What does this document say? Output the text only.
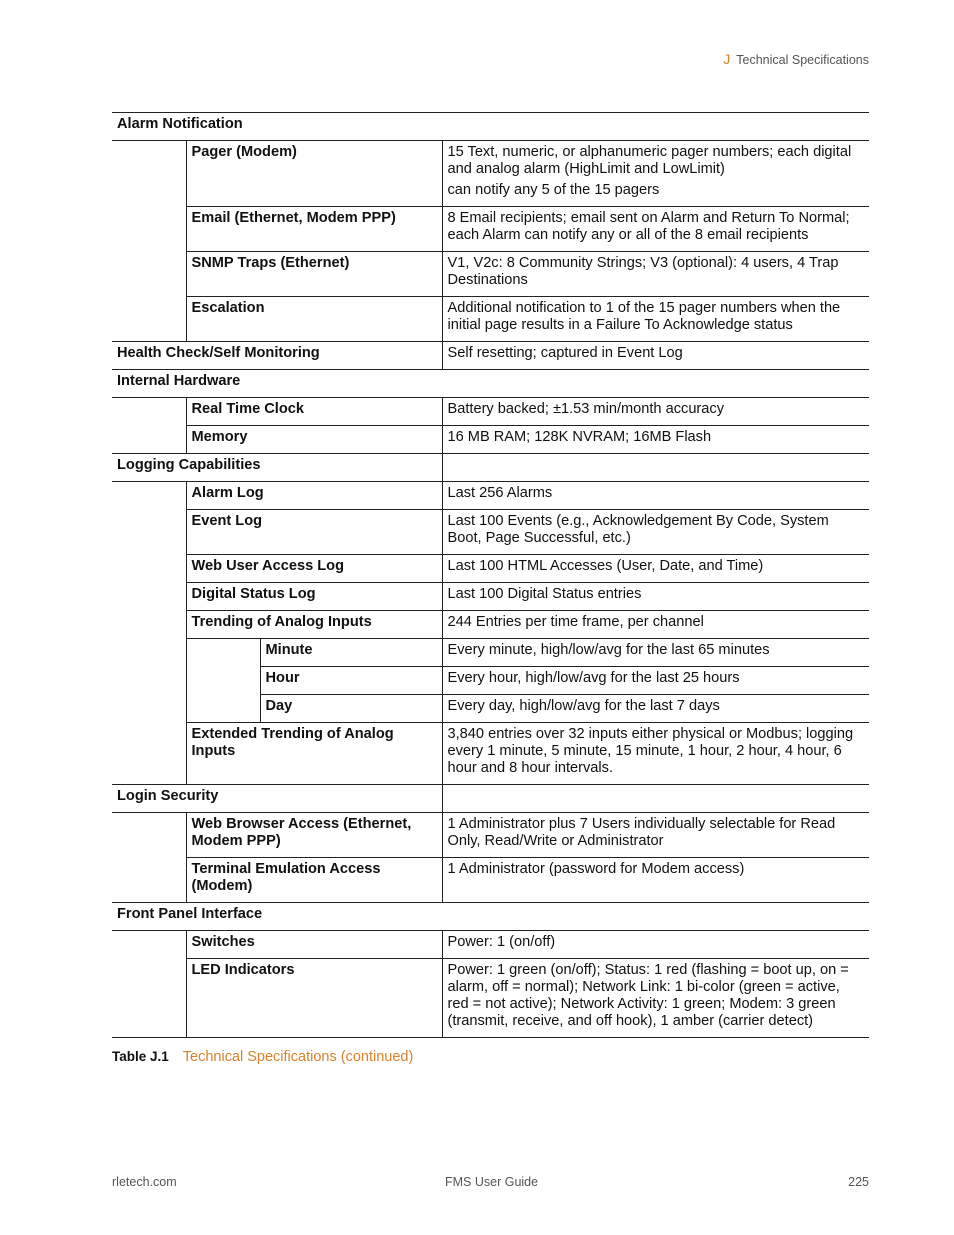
J Technical Specifications
Alarm Notification			
	Pager (Modem)		15 Text, numeric, or alphanumeric pager numbers; each digital and analog alarm (HighLimit and LowLimit)

can notify any 5 of the 15 pagers

	Email (Ethernet, Modem PPP)		8 Email recipients; email sent on Alarm and Return To Normal; each Alarm can notify any or all of the 8 email recipients
	SNMP Traps (Ethernet)		V1, V2c: 8 Community Strings; V3 (optional): 4 users, 4 Trap Destinations
	Escalation		Additional notification to 1 of the 15 pager numbers when the initial page results in a Failure To Acknowledge status
Health Check/Self Monitoring			Self resetting; captured in Event Log
Internal Hardware			
	Real Time Clock		Battery backed; ±1.53 min/month accuracy
	Memory		16 MB RAM; 128K NVRAM; 16MB Flash
Logging Capabilities			
	Alarm Log		Last 256 Alarms
	Event Log		Last 100 Events (e.g., Acknowledgement By Code, System Boot, Page Successful, etc.)
	Web User Access Log		Last 100 HTML Accesses (User, Date, and Time)
	Digital Status Log		Last 100 Digital Status entries
	Trending of Analog Inputs		244 Entries per time frame, per channel
		Minute	Every minute, high/low/avg for the last 65 minutes
		Hour	Every hour, high/low/avg for the last 25 hours
		Day	Every day, high/low/avg for the last 7 days
	Extended Trending of Analog Inputs		3,840 entries over 32 inputs either physical or Modbus; logging every 1 minute, 5 minute, 15 minute, 1 hour, 2 hour, 4 hour, 6 hour and 8 hour intervals.
Login Security			
	Web Browser Access (Ethernet, Modem PPP)		1 Administrator plus 7 Users individually selectable for Read Only, Read/Write or Administrator
	Terminal Emulation Access (Modem)		1 Administrator (password for Modem access)
Front Panel Interface			
	Switches		Power: 1 (on/off)
	LED Indicators		Power: 1 green (on/off); Status: 1 red (flashing = boot up, on = alarm, off = normal); Network Link: 1 bi-color (green = active, red = not active); Network Activity: 1 green; Modem: 3 green (transmit, receive, and off hook), 1 amber (carrier detect)
Table J.1 Technical Specifications (continued)
rletech.com	FMS User Guide	225
